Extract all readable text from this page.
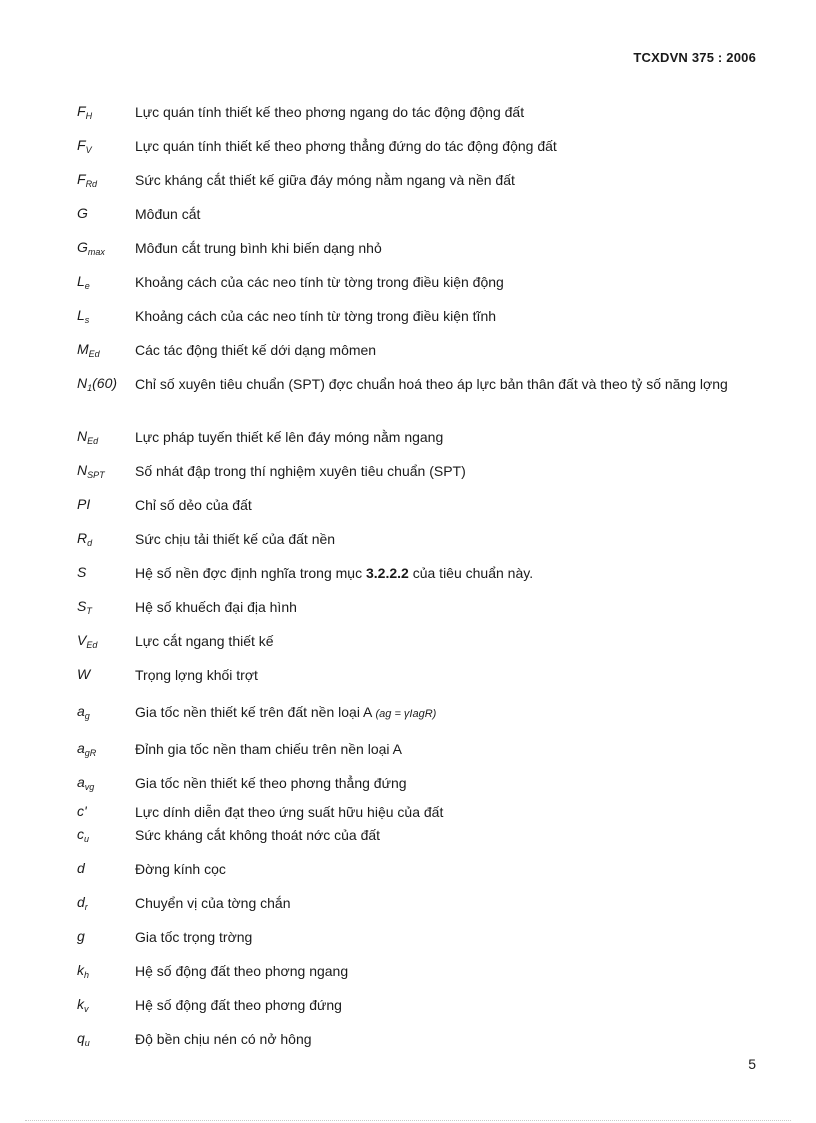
TCXDVN 375 : 2006
$F_H$	Lực quán tính thiết kế theo phơng ngang do tác động động đất
$F_V$	Lực quán tính thiết kế theo phơng thẳng đứng do tác động động đất
$F_{Rd}$	Sức kháng cắt thiết kế giữa đáy móng nằm ngang và nền đất
G	Môđun cắt
$G_{max}$ Môđun cắt trung bình khi biến dạng nhỏ
$L_e$	Khoảng cách của các neo tính từ tờng trong điều kiện động
$L_s$	Khoảng cách của các neo tính từ tờng trong điều kiện tĩnh
$M_{Ed}$	Các tác động thiết kế dới dạng mômen
$N_1(60)$ Chỉ số xuyên tiêu chuẩn (SPT) đợc chuẩn hoá theo áp lực bản thân đất và theo tỷ số năng lợng
$N_{Ed}$	Lực pháp tuyến thiết kế lên đáy móng nằm ngang
$N_{SPT}$ Số nhát đập trong thí nghiệm xuyên tiêu chuẩn (SPT)
PI	Chỉ số dẻo của đất
$R_d$	Sức chịu tải thiết kế của đất nền
S	Hệ số nền đợc định nghĩa trong mục 3.2.2.2 của tiêu chuẩn này.
$S_T$	Hệ số khuếch đại địa hình
$V_{Ed}$	Lực cắt ngang thiết kế
W	Trọng lợng khối trợt
$a_g$	Gia tốc nền thiết kế trên đất nền loại A (ag = γIagR)
$a_{gR}$	Đỉnh gia tốc nền tham chiếu trên nền loại A
$a_{vg}$	Gia tốc nền thiết kế theo phơng thẳng đứng
c'	Lực dính diễn đạt theo ứng suất hữu hiệu của đất
$c_u$	Sức kháng cắt không thoát nớc của đất
d	Đờng kính cọc
$d_r$	Chuyển vị của tờng chắn
g	Gia tốc trọng trờng
$k_h$	Hệ số động đất theo phơng ngang
$k_v$	Hệ số động đất theo phơng đứng
$q_u$	Độ bền chịu nén có nở hông
5
